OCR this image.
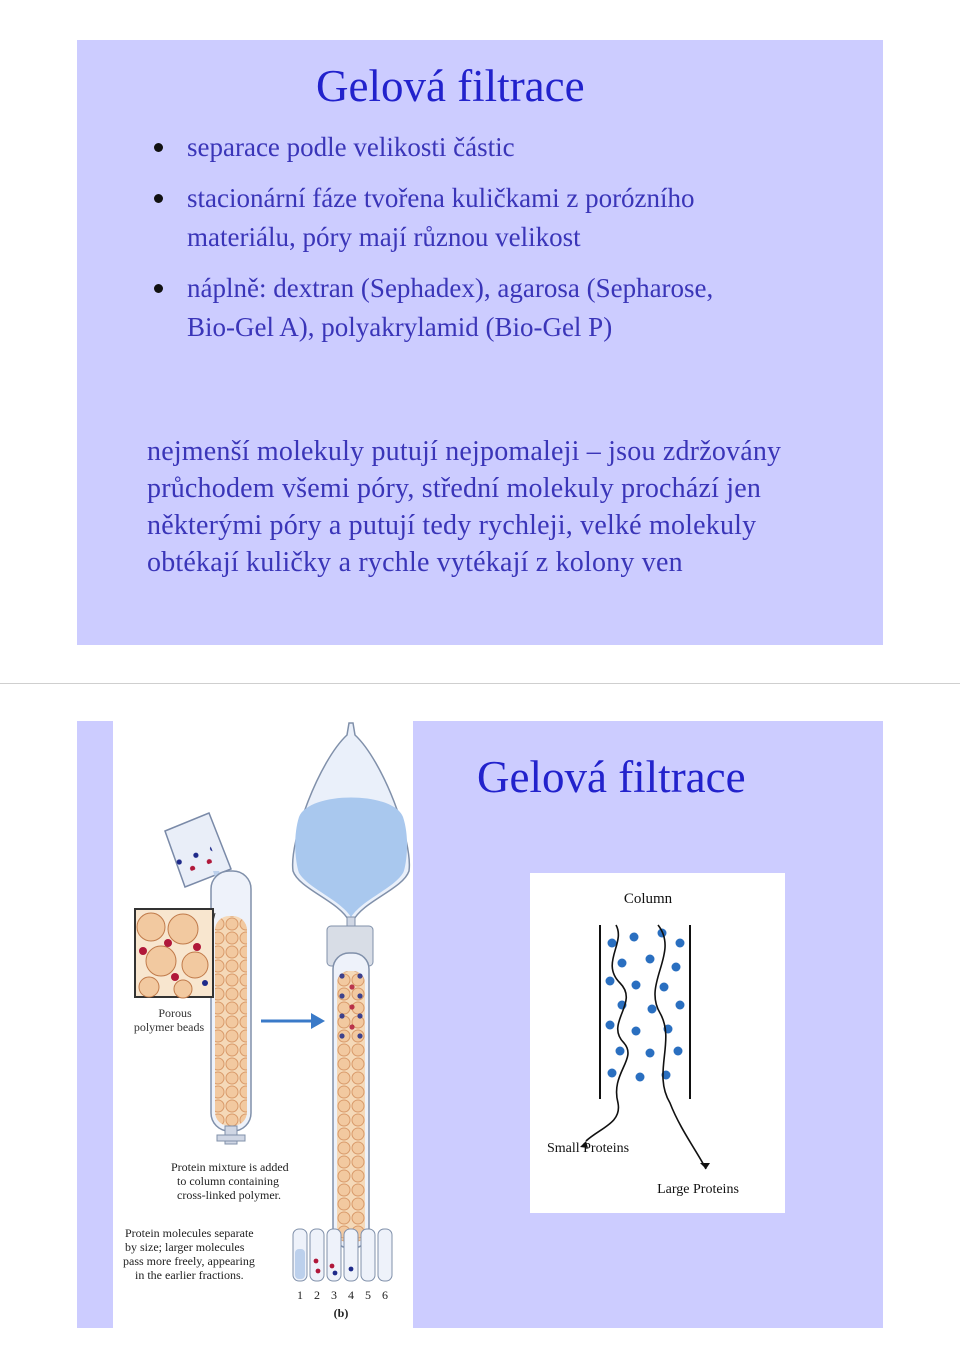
Gelová filtrace
separace podle velikosti částic
stacionární fáze tvořena kuličkami z porózního materiálu, póry mají různou velikost
náplně: dextran (Sephadex), agarosa (Sepharose, Bio-Gel A), polyakrylamid (Bio-Gel P)

nejmenší molekuly putují nejpomaleji – jsou zdržovány průchodem všemi póry, střední molekuly prochází jen některými póry a putují tedy rychleji, velké molekuly obtékají kuličky a rychle vytékají z kolony ven

Gelová filtrace
Porous
polymer beads
Protein mixture is added
to column containing
cross-linked polymer.
Protein molecules separate
by size; larger molecules
pass more freely, appearing
in the earlier fractions.
1 2 3 4 5 6
(b)
Column
Small Proteins
Large Proteins
